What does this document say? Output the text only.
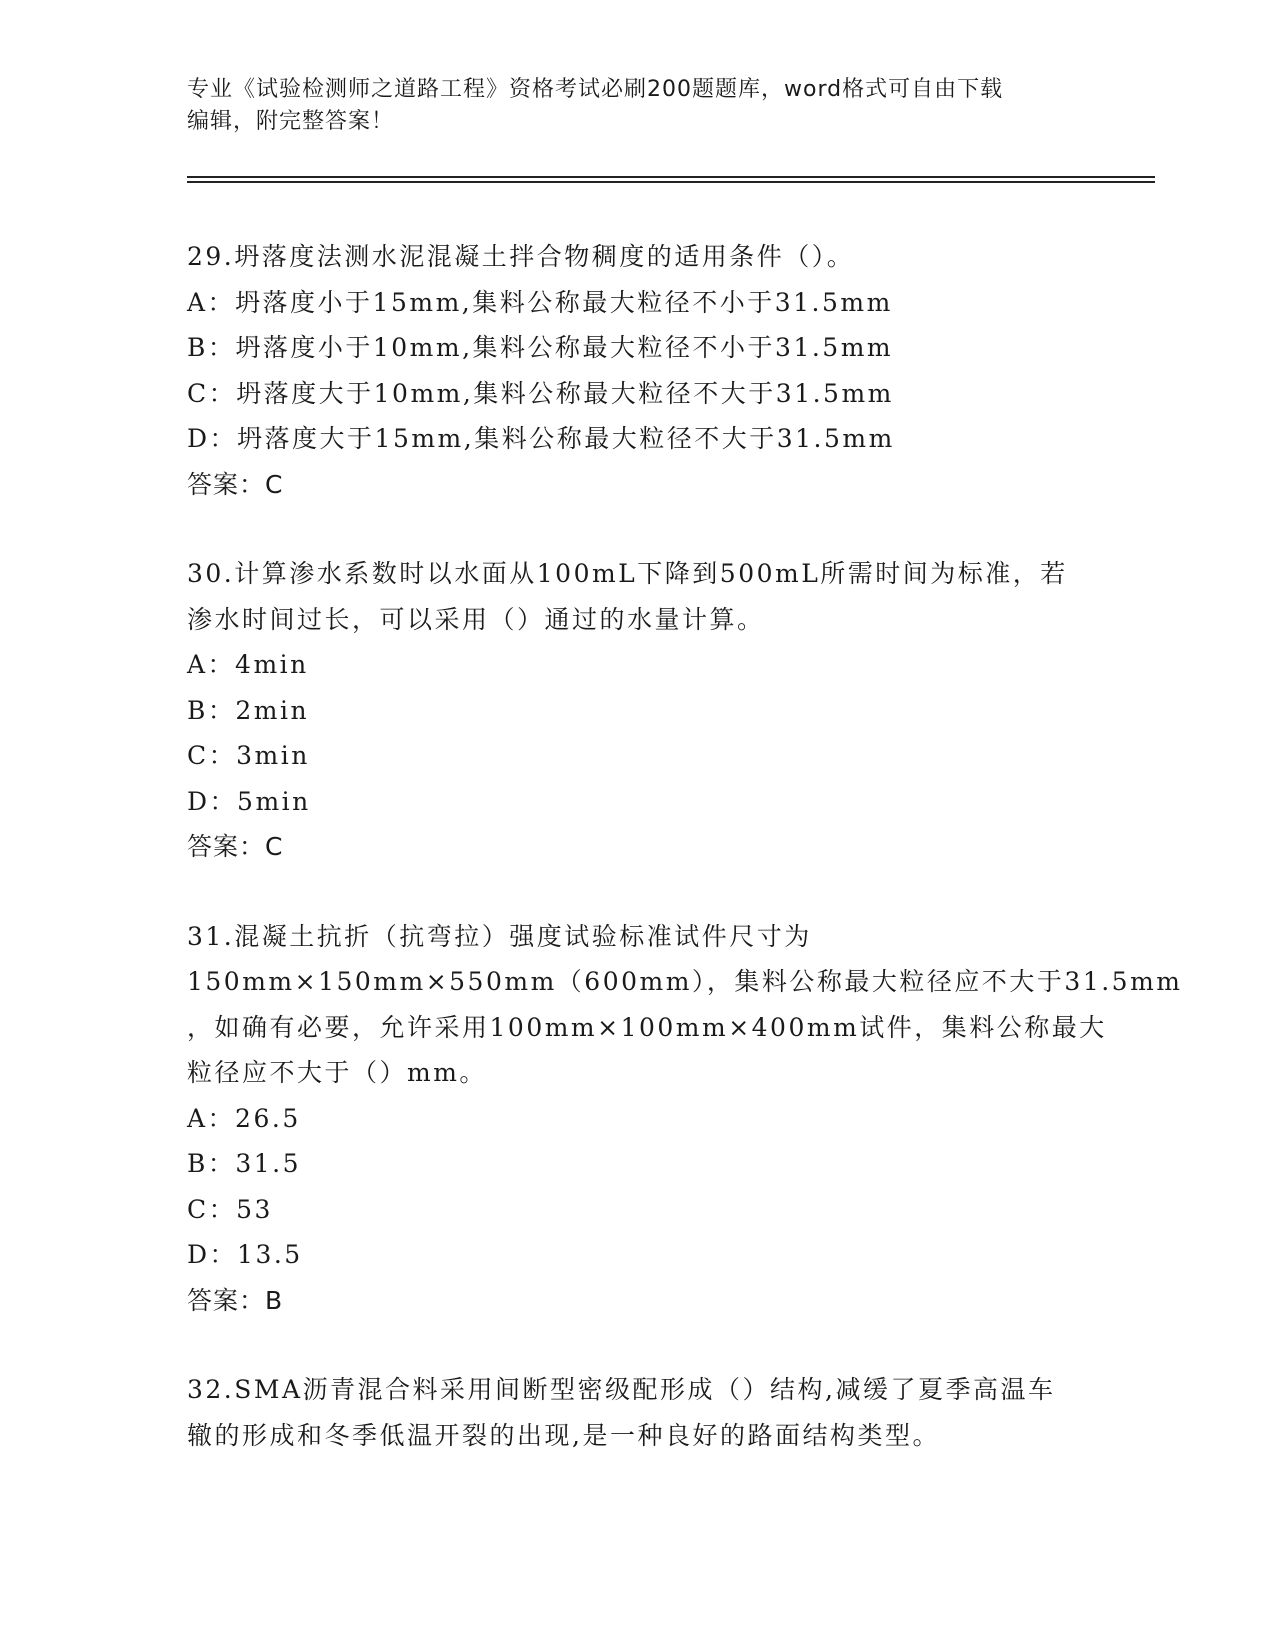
专业《试验检测师之道路工程》资格考试必刷200题题库，word格式可自由下载
编辑，附完整答案！
29.坍落度法测水泥混凝土拌合物稠度的适用条件（）。
A：坍落度小于15mm,集料公称最大粒径不小于31.5mm
B：坍落度小于10mm,集料公称最大粒径不小于31.5mm
C：坍落度大于10mm,集料公称最大粒径不大于31.5mm
D：坍落度大于15mm,集料公称最大粒径不大于31.5mm
答案：C
30.计算渗水系数时以水面从100mL下降到500mL所需时间为标准，若
渗水时间过长，可以采用（）通过的水量计算。
A：4min
B：2min
C：3min
D：5min
答案：C
31.混凝土抗折（抗弯拉）强度试验标准试件尺寸为
150mm×150mm×550mm（600mm），集料公称最大粒径应不大于31.5mm
，如确有必要，允许采用100mm×100mm×400mm试件，集料公称最大
粒径应不大于（）mm。
A：26.5
B：31.5
C：53
D：13.5
答案：B
32.SMA沥青混合料采用间断型密级配形成（）结构,减缓了夏季高温车
辙的形成和冬季低温开裂的出现,是一种良好的路面结构类型。
